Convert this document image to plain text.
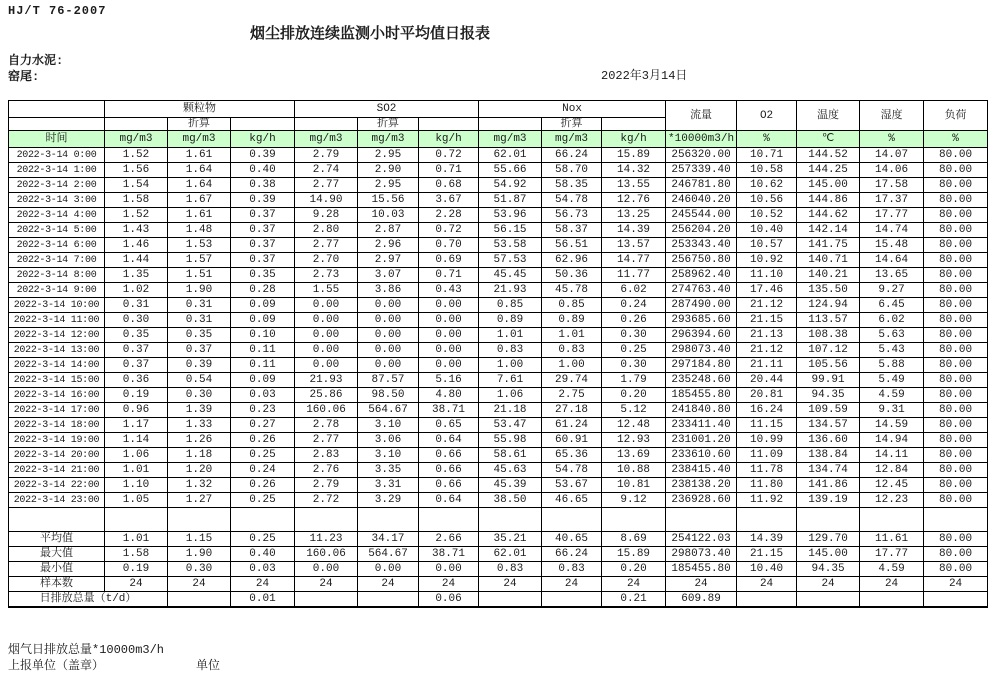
HJ/T 76-2007
烟尘排放连续监测小时平均值日报表
自力水泥:
窑尾:	2022年3月14日
	颗粒物			SO2			Nox			流量	O2	温度	湿度	负荷
		折算			折算			折算						
时间	mg/m3	mg/m3	kg/h	mg/m3	mg/m3	kg/h	mg/m3	mg/m3	kg/h	*10000m3/h	%	℃	%	%
2022-3-14 0:00	1.52	1.61	0.39	2.79	2.95	0.72	62.01	66.24	15.89	256320.00	10.71	144.52	14.07	80.00
2022-3-14 1:00	1.56	1.64	0.40	2.74	2.90	0.71	55.66	58.70	14.32	257339.40	10.58	144.25	14.06	80.00
2022-3-14 2:00	1.54	1.64	0.38	2.77	2.95	0.68	54.92	58.35	13.55	246781.80	10.62	145.00	17.58	80.00
2022-3-14 3:00	1.58	1.67	0.39	14.90	15.56	3.67	51.87	54.78	12.76	246040.20	10.56	144.86	17.37	80.00
2022-3-14 4:00	1.52	1.61	0.37	9.28	10.03	2.28	53.96	56.73	13.25	245544.00	10.52	144.62	17.77	80.00
2022-3-14 5:00	1.43	1.48	0.37	2.80	2.87	0.72	56.15	58.37	14.39	256204.20	10.40	142.14	14.74	80.00
2022-3-14 6:00	1.46	1.53	0.37	2.77	2.96	0.70	53.58	56.51	13.57	253343.40	10.57	141.75	15.48	80.00
2022-3-14 7:00	1.44	1.57	0.37	2.70	2.97	0.69	57.53	62.96	14.77	256750.80	10.92	140.71	14.64	80.00
2022-3-14 8:00	1.35	1.51	0.35	2.73	3.07	0.71	45.45	50.36	11.77	258962.40	11.10	140.21	13.65	80.00
2022-3-14 9:00	1.02	1.90	0.28	1.55	3.86	0.43	21.93	45.78	6.02	274763.40	17.46	135.50	9.27	80.00
2022-3-14 10:00	0.31	0.31	0.09	0.00	0.00	0.00	0.85	0.85	0.24	287490.00	21.12	124.94	6.45	80.00
2022-3-14 11:00	0.30	0.31	0.09	0.00	0.00	0.00	0.89	0.89	0.26	293685.60	21.15	113.57	6.02	80.00
2022-3-14 12:00	0.35	0.35	0.10	0.00	0.00	0.00	1.01	1.01	0.30	296394.60	21.13	108.38	5.63	80.00
2022-3-14 13:00	0.37	0.37	0.11	0.00	0.00	0.00	0.83	0.83	0.25	298073.40	21.12	107.12	5.43	80.00
2022-3-14 14:00	0.37	0.39	0.11	0.00	0.00	0.00	1.00	1.00	0.30	297184.80	21.11	105.56	5.88	80.00
2022-3-14 15:00	0.36	0.54	0.09	21.93	87.57	5.16	7.61	29.74	1.79	235248.60	20.44	99.91	5.49	80.00
2022-3-14 16:00	0.19	0.30	0.03	25.86	98.50	4.80	1.06	2.75	0.20	185455.80	20.81	94.35	4.59	80.00
2022-3-14 17:00	0.96	1.39	0.23	160.06	564.67	38.71	21.18	27.18	5.12	241840.80	16.24	109.59	9.31	80.00
2022-3-14 18:00	1.17	1.33	0.27	2.78	3.10	0.65	53.47	61.24	12.48	233411.40	11.15	134.57	14.59	80.00
2022-3-14 19:00	1.14	1.26	0.26	2.77	3.06	0.64	55.98	60.91	12.93	231001.20	10.99	136.60	14.94	80.00
2022-3-14 20:00	1.06	1.18	0.25	2.83	3.10	0.66	58.61	65.36	13.69	233610.60	11.09	138.84	14.11	80.00
2022-3-14 21:00	1.01	1.20	0.24	2.76	3.35	0.66	45.63	54.78	10.88	238415.40	11.78	134.74	12.84	80.00
2022-3-14 22:00	1.10	1.32	0.26	2.79	3.31	0.66	45.39	53.67	10.81	238138.20	11.80	141.86	12.45	80.00
2022-3-14 23:00	1.05	1.27	0.25	2.72	3.29	0.64	38.50	46.65	9.12	236928.60	11.92	139.19	12.23	80.00

平均值	1.01	1.15	0.25	11.23	34.17	2.66	35.21	40.65	8.69	254122.03	14.39	129.70	11.61	80.00
最大值	1.58	1.90	0.40	160.06	564.67	38.71	62.01	66.24	15.89	298073.40	21.15	145.00	17.77	80.00
最小值	0.19	0.30	0.03	0.00	0.00	0.00	0.83	0.83	0.20	185455.80	10.40	94.35	4.59	80.00
样本数	24	24	24	24	24	24	24	24	24	24	24	24	24	24
日排放总量（t/d）			0.01			0.06			0.21	609.89				
烟气日排放总量*10000m3/h
上报单位（盖章）	单位
